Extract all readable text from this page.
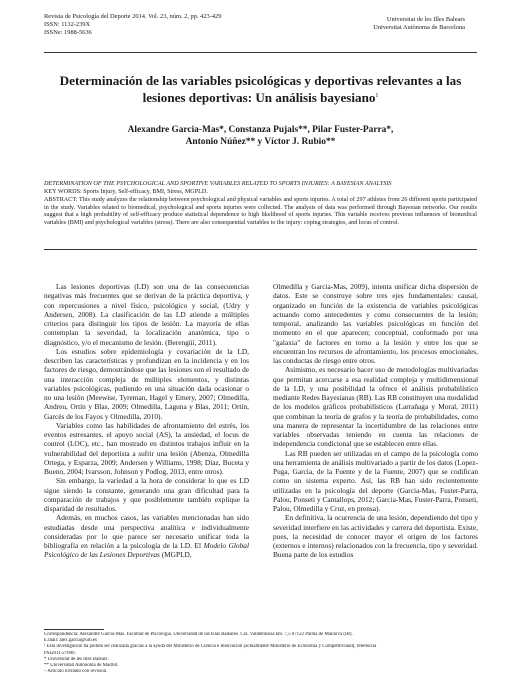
Revista de Psicología del Deporte 2014. Vol. 23, núm. 2, pp. 423-429
ISSN: 1132-239X
ISSNe: 1988-5636
Universitat de les Illes Balears
Universitat Autònoma de Barcelona
Determinación de las variables psicológicas y deportivas relevantes a las lesiones deportivas: Un análisis bayesiano$^1$
Alexandre Garcia-Mas*, Constanza Pujals**, Pilar Fuster-Parra*,
Antonio Núñez** y Víctor J. Rubio**
DETERMINATION OF THE PSYCHOLOGICAL AND SPORTIVE VARIABLES RELATED TO SPORTS INJURIES: A BAYESIAN ANALYSIS
KEY WORDS: Sports Injury, Self-efficacy, BMI, Stress, MGPLD.
ABSTRACT: This study analyzes the relationship between psychological and physical variables and sports injuries. A total of 297 athletes from 26 different sports participated in the study. Variables related to biomedical, psychological and sports injuries were collected. The analysis of data was performed through Bayesian networks. Our results suggest that a high probability of self-efficacy produce statistical dependence to high likelihood of sports injuries. This variable receives previous influences of biomedical variables (BMI) and psychological variables (stress). There are also consequential variables to the injury: coping strategies, and locus of control.

Las lesiones deportivas (LD) son una de las consecuencias negativas más frecuentes que se derivan de la práctica deportiva, y con repercusiones a nivel físico, psicológico y social, (Udry y Andersen, 2008). La clasificación de las LD atiende a múltiples criterios para distinguir los tipos de lesión. La mayoría de ellas contemplan la severidad, la localización anatómica, tipo o diagnóstico, y/o el mecanismo de lesión. (Berengüí, 2011).

Los estudios sobre epidemiología y covariación de la LD, describen las características y profundizan en la incidencia y en los factores de riesgo, demostrándose que las lesiones son el resultado de una interacción compleja de múltiples elementos, y distintas variables psicológicas, pudiendo en una situación dada ocasionar o no una lesión (Meewise, Tyreman, Hagel y Emery, 2007; Olmedilla, Andreu, Ortín y Blas, 2009; Olmedilla, Laguna y Blas, 2011; Ortín, Garcés de los Fayos y Olmedilla, 2010).

Variables como las habilidades de afrontamiento del estrés, los eventos estresantes, el apoyo social (AS), la ansiedad, el locus de control (LOC), etc., han mostrado en distintos trabajos influir en la vulnerabilidad del deportista a sufrir una lesión (Abenza, Olmedilla Ortega, y Esparza, 2009; Andersen y Williams, 1998; Díaz, Buceta y Bueno, 2004; Ivarsson, Johnson y Podlog, 2013, entre otros).

Sin embargo, la variedad a la hora de considerar lo que es LD sigue siendo la constante, generando una gran dificultad para la comparación de trabajos y que posiblemente también explique la disparidad de resultados.

Además, en muchos casos, las variables mencionadas han sido estudiadas desde una perspectiva analítica e individualmente consideradas por lo que parece ser necesario unificar toda la bibliografía en relación a la psicología de la LD. El Modelo Global Psicológico de las Lesiones Deportivas (MGPLD,

Olmedilla y Garcia-Mas, 2009), intenta unificar dicha dispersión de datos. Este se construye sobre tres ejes fundamentales: causal, organizado en función de la existencia de variables psicológicas actuando como antecedentes y como consecuentes de la lesión; temporal, analizando las variables psicológicas en función del momento en el que aparecen; conceptual, conformado por una "galaxia" de factores en torno a la lesión y entre los que se encuentran los recursos de afrontamiento, los procesos emocionales, las conductas de riesgo entre otros.

Asimismo, es necesario hacer uso de metodologías multivariadas que permitan acercarse a esa realidad compleja y multidimensional de la LD, y una posibilidad la ofrece el análisis probabilístico mediante Redes Bayesianas (RB). Las RB constituyen una modalidad de los modelos gráficos probabilísticos (Larrañaga y Moral, 2011) que combinan la teoría de grafos y la teoría de probabilidades, como una manera de representar la incertidumbre de las relaciones entre variables observadas teniendo en cuenta las relaciones de independencia condicional que se establecen entre ellas.

Las RB pueden ser utilizadas en el campo de la psicología como una herramienta de análisis multivariado a partir de los datos (Lopez-Puga, Garcia, de la Fuente y de la Fuente, 2007) que se codifican como un sistema experto. Así, las RB han sido recientemente utilizadas en la psicología del deporte (Garcia-Mas, Fuster-Parra, Palou, Ponseti y Cantallops, 2012; Garcia-Mas, Fuster-Parra, Ponseti, Palou, Olmedilla y Cruz, en prensa).

En definitiva, la ocurrencia de una lesión, dependiendo del tipo y severidad interfiere en las actividades y carrera del deportista. Existe, pues, la necesidad de conocer mayor el origen de los factores (externos e internos) relacionados con la frecuencia, tipo y severidad. Buena parte de los estudios

Correspondencia: Alexandre Garcia-Mas. Facultad de Psicología. Universidad de las Islas Baleares. Cra. Valldemossa km. 7,5 07122 Palma de Mallorca (IB).
E.mail: alex.garcia@uib.es
¹ Esta investigación ha podido ser realizada gracias a la ayuda del Ministerio de Ciencia e Innovación (actualmente Ministerio de Economía y Competitividad), referencia
PSI2011-27000.
* Universitat de les Illes Balears.
** Universidad Autónoma de Madrid.
– Artículo invitado con revisión.
